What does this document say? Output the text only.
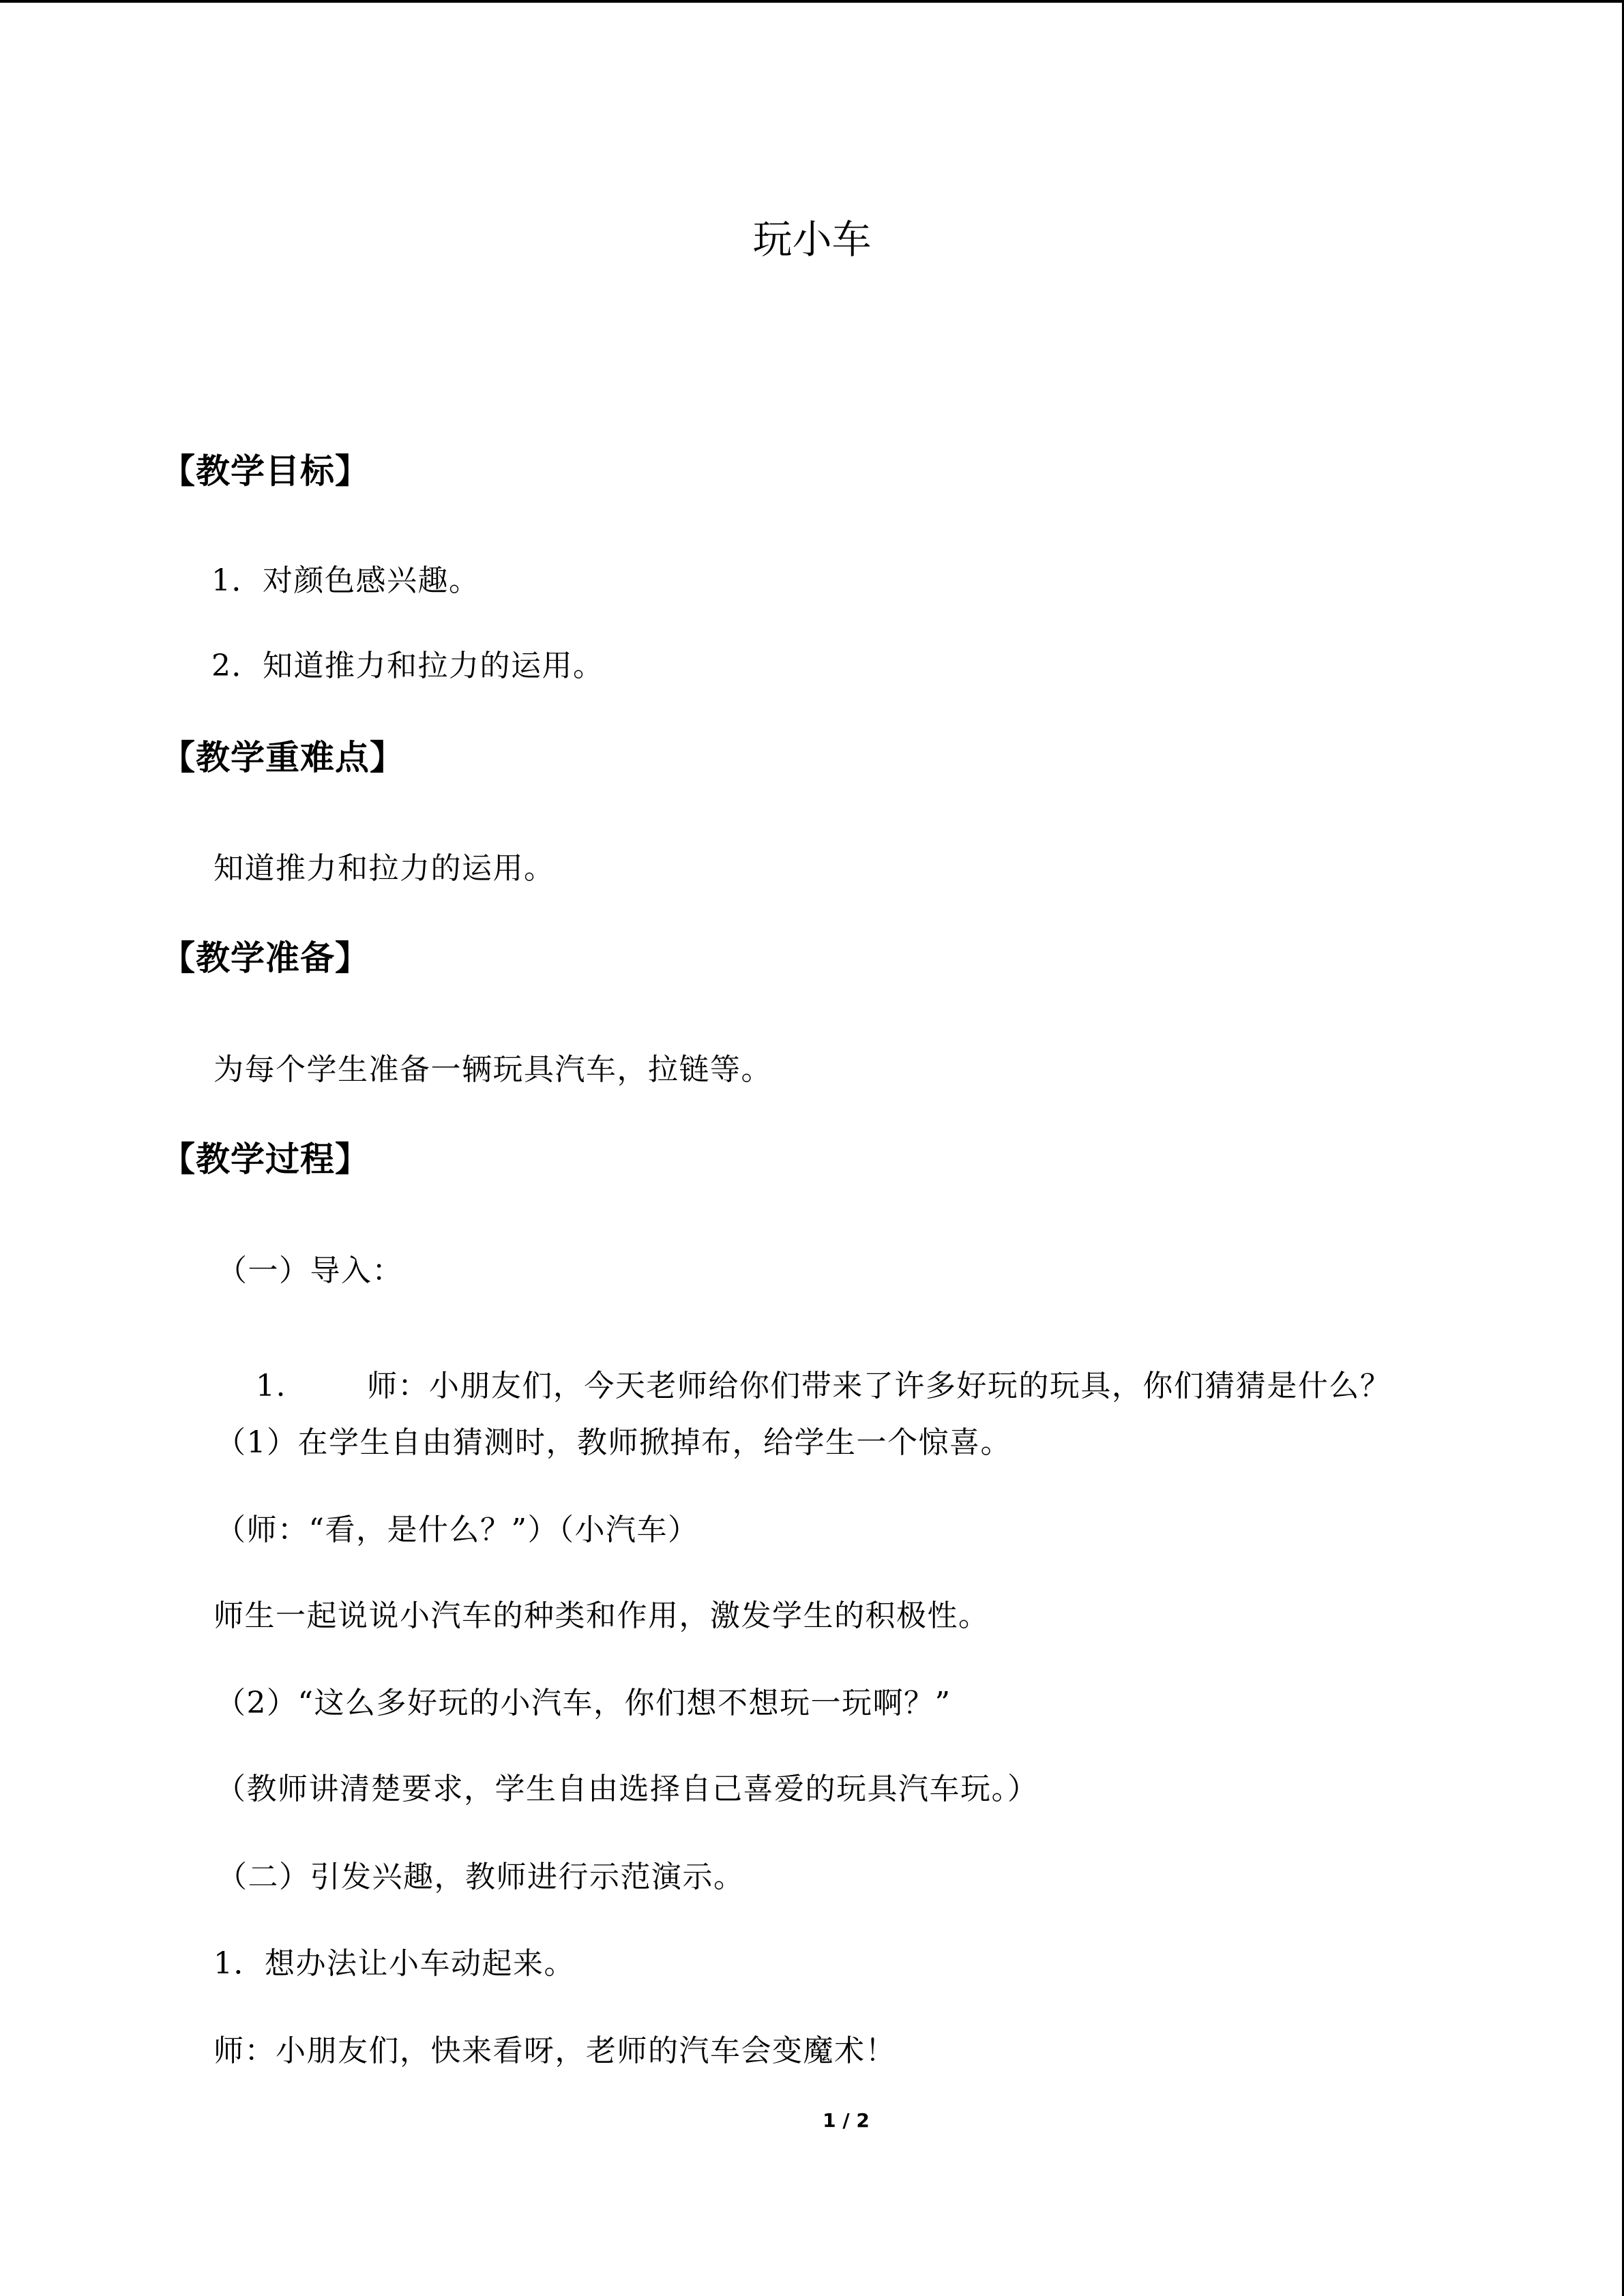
玩小车
【教学目标】
1．对颜色感兴趣。
2．知道推力和拉力的运用。
【教学重难点】
知道推力和拉力的运用。
【教学准备】
为每个学生准备一辆玩具汽车，拉链等。
【教学过程】
（一）导入：

1.	师：小朋友们，今天老师给你们带来了许多好玩的玩具，你们猜猜是什么？

（1）在学生自由猜测时，教师掀掉布，给学生一个惊喜。
（师：“看，是什么？”）（小汽车）
师生一起说说小汽车的种类和作用，激发学生的积极性。
（2）“这么多好玩的小汽车，你们想不想玩一玩啊？”
（教师讲清楚要求，学生自由选择自己喜爱的玩具汽车玩。）
（二）引发兴趣，教师进行示范演示。
1．想办法让小车动起来。
师：小朋友们，快来看呀，老师的汽车会变魔术！
1 / 2
